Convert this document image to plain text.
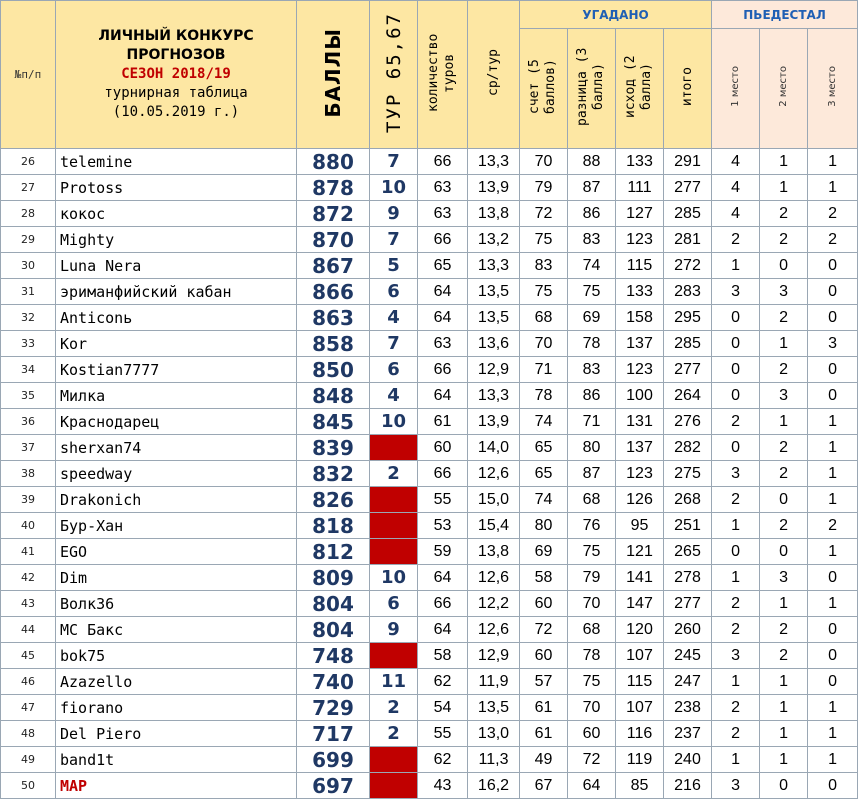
№п/п	ЛИЧНЫЙ КОНКУРС
ПРОГНОЗОВ
СЕЗОН 2018/19
турнирная таблица
(10.05.2019 г.)	БАЛЛЫ	ТУР 65,67	количество туров	ср/тур	УГАДАНО				ПЬЕДЕСТАЛ		
						счет (5 баллов)	разница (3 балла)	исход (2 балла)	итого	1 место	2 место	3 место
26	telemine	880	7	66	13,3	70	88	133	291	4	1	1
27	Protoss	878	10	63	13,9	79	87	111	277	4	1	1
28	кокос	872	9	63	13,8	72	86	127	285	4	2	2
29	Mighty	870	7	66	13,2	75	83	123	281	2	2	2
30	Luna Nera	867	5	65	13,3	83	74	115	272	1	0	0
31	эриманфийский кабан	866	6	64	13,5	75	75	133	283	3	3	0
32	Anticonь	863	4	64	13,5	68	69	158	295	0	2	0
33	Kor	858	7	63	13,6	70	78	137	285	0	1	3
34	Kostian7777	850	6	66	12,9	71	83	123	277	0	2	0
35	Милка	848	4	64	13,3	78	86	100	264	0	3	0
36	Краснодарец	845	10	61	13,9	74	71	131	276	2	1	1
37	sherxan74	839		60	14,0	65	80	137	282	0	2	1
38	speedway	832	2	66	12,6	65	87	123	275	3	2	1
39	Drakonich	826		55	15,0	74	68	126	268	2	0	1
40	Бур-Хан	818		53	15,4	80	76	95	251	1	2	2
41	EGO	812		59	13,8	69	75	121	265	0	0	1
42	Dim	809	10	64	12,6	58	79	141	278	1	3	0
43	Волк36	804	6	66	12,2	60	70	147	277	2	1	1
44	MC Бакс	804	9	64	12,6	72	68	120	260	2	2	0
45	bok75	748		58	12,9	60	78	107	245	3	2	0
46	Azazello	740	11	62	11,9	57	75	115	247	1	1	0
47	fiorano	729	2	54	13,5	61	70	107	238	2	1	1
48	Del Piero	717	2	55	13,0	61	60	116	237	2	1	1
49	band1t	699		62	11,3	49	72	119	240	1	1	1
50	MAP	697		43	16,2	67	64	85	216	3	0	0
